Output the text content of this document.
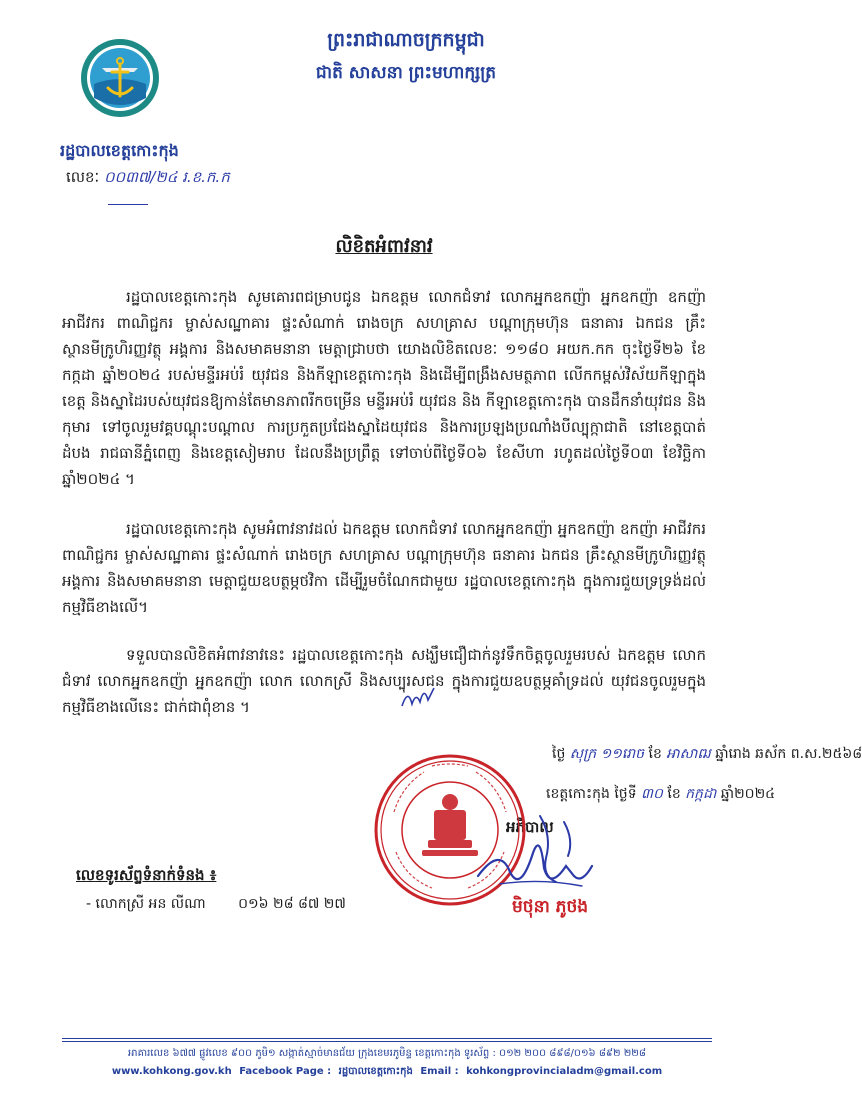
រដ្ឋបាលខេត្តកោះកុង
លេខៈ ០០៣៧/២៤ រ.ខ.ក.ក
ព្រះរាជាណាចក្រកម្ពុជា
ជាតិ សាសនា ព្រះមហាក្សត្រ
លិខិតអំពាវនាវ
រដ្ឋបាលខេត្តកោះកុង សូមគោរពជម្រាបជូន ឯកឧត្តម លោកជំទាវ លោកអ្នកឧកញ៉ា អ្នកឧកញ៉ា ឧកញ៉ា អាជីវករ ពាណិជ្ជករ ម្ចាស់សណ្ឋាគារ ផ្ទះសំណាក់ រោងចក្រ សហគ្រាស បណ្តាក្រុមហ៊ុន ធនាគារ ឯកជន គ្រឹះស្ថានមីក្រូហិរញ្ញវត្ថុ អង្គការ និងសមាគមនានា មេត្តាជ្រាបថា យោងលិខិតលេខៈ ១១៨០ អយក.កក ចុះថ្ងៃទី២៦ ខែកក្កដា ឆ្នាំ២០២៤ របស់មន្ទីរអប់រំ យុវជន និងកីឡាខេត្តកោះកុង និងដើម្បីពង្រឹងសមត្ថភាព លើកកម្ពស់វិស័យកីឡាក្នុងខេត្ត និងស្នាដៃរបស់យុវជនឱ្យកាន់តែមានភាពរីកចម្រើន មន្ទីរអប់រំ យុវជន និង កីឡាខេត្តកោះកុង បានដឹកនាំយុវជន និងកុមារ ទៅចូលរួមវគ្គបណ្តុះបណ្តាល ការប្រកួតប្រជែងស្នាដៃយុវជន និងការប្រឡងប្រណាំងបីល្បុក្កាជាតិ នៅខេត្តបាត់ដំបង រាជធានីភ្នំពេញ និងខេត្តសៀមរាប ដែលនឹងប្រព្រឹត្ត ទៅចាប់ពីថ្ងៃទី០៦ ខែសីហា រហូតដល់ថ្ងៃទី០៣ ខែវិច្ឆិកា ឆ្នាំ២០២៤ ។
រដ្ឋបាលខេត្តកោះកុង សូមអំពាវនាវដល់ ឯកឧត្តម លោកជំទាវ លោកអ្នកឧកញ៉ា អ្នកឧកញ៉ា ឧកញ៉ា អាជីវករ ពាណិជ្ជករ ម្ចាស់សណ្ឋាគារ ផ្ទះសំណាក់ រោងចក្រ សហគ្រាស បណ្តាក្រុមហ៊ុន ធនាគារ ឯកជន គ្រឹះស្ថានមីក្រូហិរញ្ញវត្ថុ អង្គការ និងសមាគមនានា មេត្តាជួយឧបត្ថម្ភថវិកា ដើម្បីរួមចំណែកជាមួយ រដ្ឋបាលខេត្តកោះកុង ក្នុងការជួយទ្រទ្រង់ដល់កម្មវិធីខាងលើ។
ទទួលបានលិខិតអំពាវនាវនេះ រដ្ឋបាលខេត្តកោះកុង សង្ឃឹមជឿជាក់នូវទឹកចិត្តចូលរួមរបស់ ឯកឧត្តម លោកជំទាវ លោកអ្នកឧកញ៉ា អ្នកឧកញ៉ា លោក លោកស្រី និងសប្បុរសជន ក្នុងការជួយឧបត្ថម្ភគាំទ្រដល់ យុវជនចូលរួមក្នុងកម្មវិធីខាងលើនេះ ជាក់ជាពុំខាន ។
ថ្ងៃ សុក្រ ១១រោច ខែ អាសាឍ ឆ្នាំរោង ឆស័ក ព.ស.២៥៦៨
ខេត្តកោះកុង ថ្ងៃទី ៣០ ខែ កក្កដា ឆ្នាំ២០២៤
អភិបាល
មិថុនា ភូថង
លេខទូរស័ព្ទទំនាក់ទំនង ៖
- លោកស្រី អន លីណា ០១៦ ២៨ ៨៧ ២៧
អាគារលេខ ៦៧៧ ផ្លូវលេខ ៩០០ ភូមិ១ សង្កាត់ស្មាច់មានជ័យ ក្រុងខេមរភូមិន្ទ ខេត្តកោះកុង ទូរស័ព្ទ : ០១២ ២០០ ៨៩៨/០១៦ ៨៩២ ២២៨
www.kohkong.gov.kh Facebook Page : រដ្ឋបាលខេត្តកោះកុង Email : kohkongprovincialadm@gmail.com
